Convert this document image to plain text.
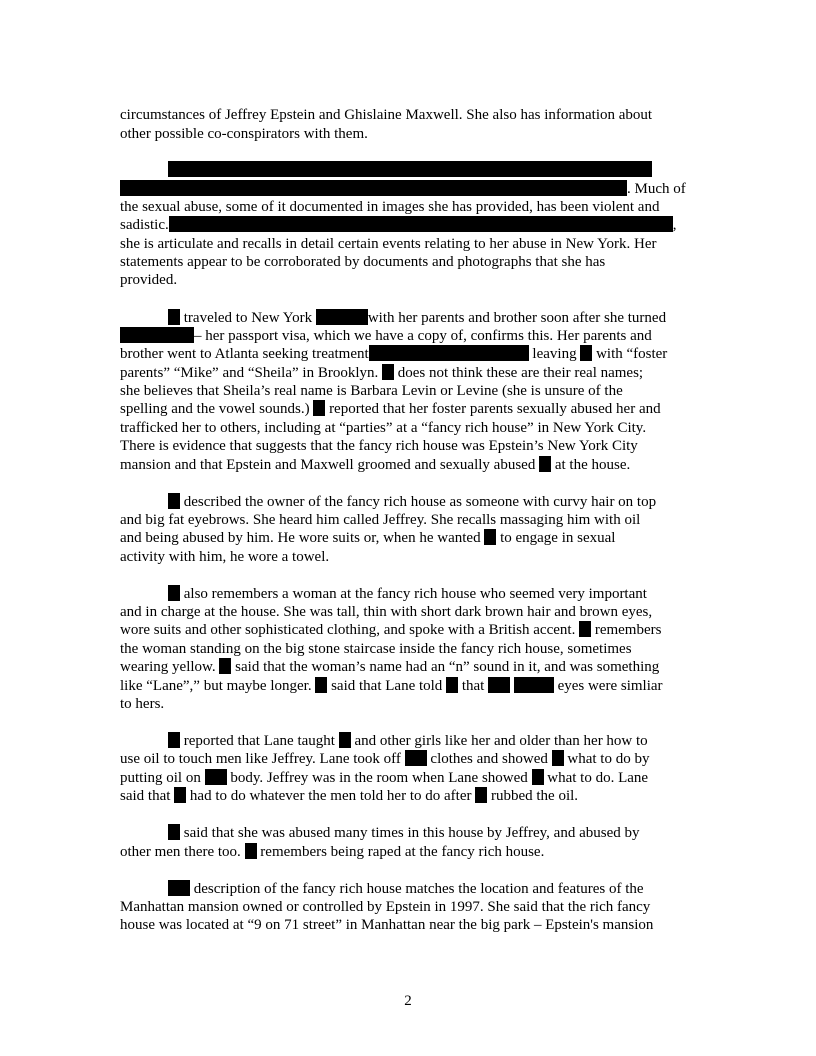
circumstances of Jeffrey Epstein and Ghislaine Maxwell. She also has information about
other possible co-conspirators with them.
. Much of
the sexual abuse, some of it documented in images she has provided, has been violent and
sadistic.	,
she is articulate and recalls in detail certain events relating to her abuse in New York. Her
statements appear to be corroborated by documents and photographs that she has
provided.
traveled to New York	with her parents and brother soon after she turned
– her passport visa, which we have a copy of, confirms this. Her parents and
brother went to Atlanta seeking treatment	leaving  with “foster
parents” “Mike” and “Sheila” in Brooklyn.  does not think these are their real names;
she believes that Sheila’s real name is Barbara Levin or Levine (she is unsure of the
spelling and the vowel sounds.)  reported that her foster parents sexually abused her and
trafficked her to others, including at “parties” at a “fancy rich house” in New York City.
There is evidence that suggests that the fancy rich house was Epstein’s New York City
mansion and that Epstein and Maxwell groomed and sexually abused  at the house.
described the owner of the fancy rich house as someone with curvy hair on top
and big fat eyebrows. She heard him called Jeffrey. She recalls massaging him with oil
and being abused by him. He wore suits or, when he wanted  to engage in sexual
activity with him, he wore a towel.
also remembers a woman at the fancy rich house who seemed very important
and in charge at the house. She was tall, thin with short dark brown hair and brown eyes,
wore suits and other sophisticated clothing, and spoke with a British accent.  remembers
the woman standing on the big stone staircase inside the fancy rich house, sometimes
wearing yellow.  said that the woman’s name had an “n” sound in it, and was something
like “Lane”,” but maybe longer.  said that Lane told  that	eyes were simliar
to hers.
reported that Lane taught  and other girls like her and older than her how to
use oil to touch men like Jeffrey. Lane took off  clothes and showed  what to do by
putting oil on  body. Jeffrey was in the room when Lane showed  what to do. Lane
said that  had to do whatever the men told her to do after  rubbed the oil.
said that she was abused many times in this house by Jeffrey, and abused by
other men there too.  remembers being raped at the fancy rich house.
description of the fancy rich house matches the location and features of the
Manhattan mansion owned or controlled by Epstein in 1997. She said that the rich fancy
house was located at “9 on 71 street” in Manhattan near the big park – Epstein's mansion
2
